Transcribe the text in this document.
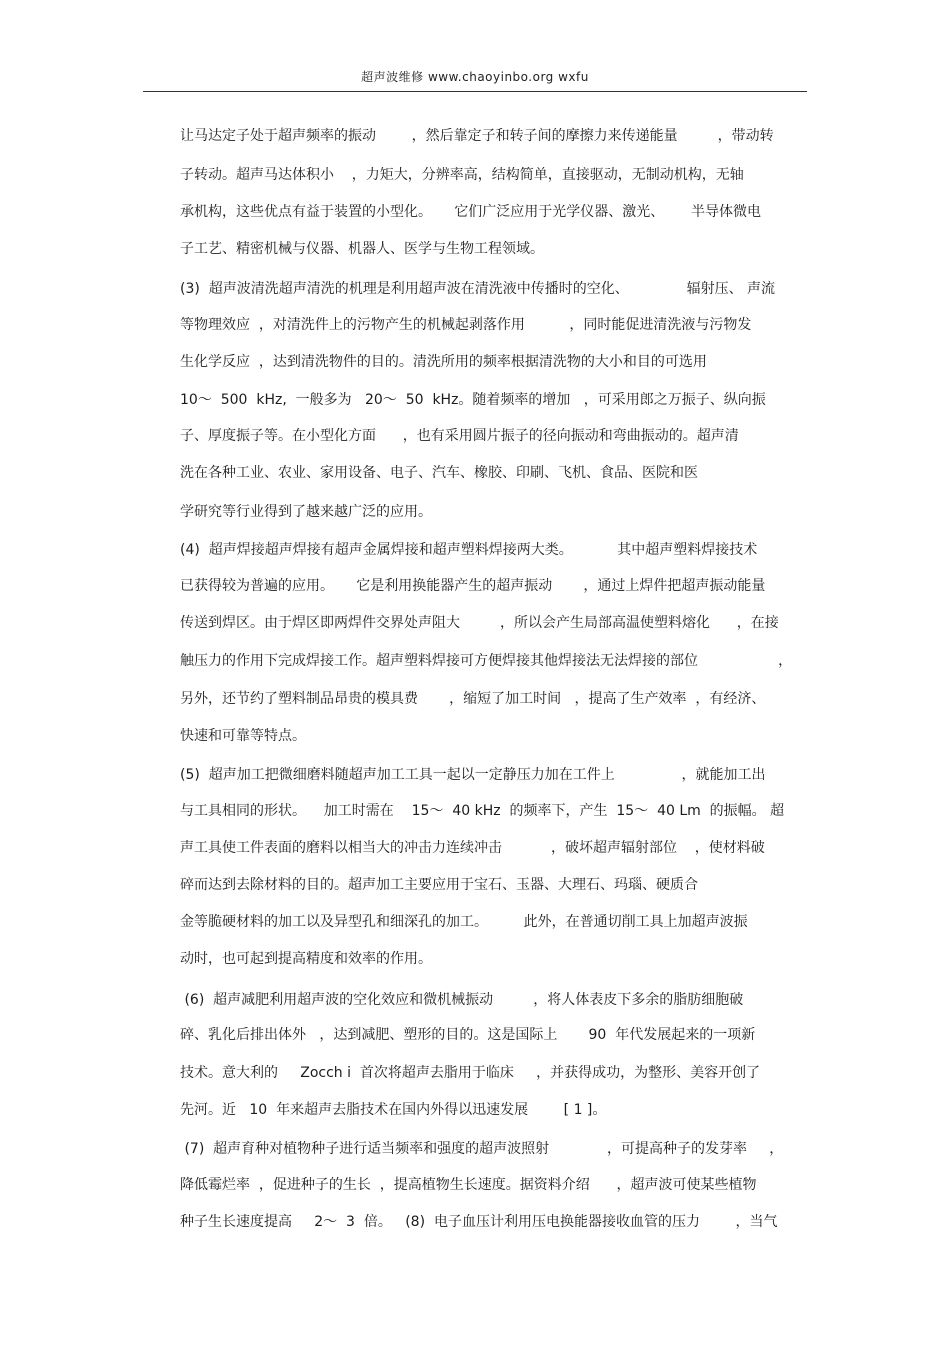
超声波维修 www.chaoyinbo.org wxfu
让马达定子处于超声频率的振动        ，然后靠定子和转子间的摩擦力来传递能量         ，带动转
子转动。超声马达体积小    ，力矩大，分辨率高，结构简单，直接驱动，无制动机构，无轴
承机构，这些优点有益于装置的小型化。     它们广泛应用于光学仪器、激光、      半导体微电
子工艺、精密机械与仪器、机器人、医学与生物工程领域。
(3)  超声波清洗超声清洗的机理是利用超声波在清洗液中传播时的空化、             辐射压、 声流
等物理效应  ，对清洗件上的污物产生的机械起剥落作用          ，同时能促进清洗液与污物发
生化学反应  ，达到清洗物件的目的。清洗所用的频率根据清洗物的大小和目的可选用
10～  500  kHz,  一般多为   20～  50  kHz。随着频率的增加   ，可采用郎之万振子、纵向振
子、厚度振子等。在小型化方面      ，也有采用圆片振子的径向振动和弯曲振动的。超声清
洗在各种工业、农业、家用设备、电子、汽车、橡胶、印刷、飞机、食品、医院和医
学研究等行业得到了越来越广泛的应用。
(4)  超声焊接超声焊接有超声金属焊接和超声塑料焊接两大类。          其中超声塑料焊接技术
已获得较为普遍的应用。     它是利用换能器产生的超声振动       ，通过上焊件把超声振动能量
传送到焊区。由于焊区即两焊件交界处声阻大         ，所以会产生局部高温使塑料熔化      ，在接
触压力的作用下完成焊接工作。超声塑料焊接可方便焊接其他焊接法无法焊接的部位                  ，
另外，还节约了塑料制品昂贵的模具费       ，缩短了加工时间   ，提高了生产效率  ，有经济、
快速和可靠等特点。
(5)  超声加工把微细磨料随超声加工工具一起以一定静压力加在工件上               ，就能加工出
与工具相同的形状。    加工时需在    15～  40 kHz  的频率下，产生  15～  40 Lm  的振幅。 超
声工具使工件表面的磨料以相当大的冲击力连续冲击           ，破坏超声辐射部位    ，使材料破
碎而达到去除材料的目的。超声加工主要应用于宝石、玉器、大理石、玛瑙、硬质合
金等脆硬材料的加工以及异型孔和细深孔的加工。        此外，在普通切削工具上加超声波振
动时，也可起到提高精度和效率的作用。
(6)  超声减肥利用超声波的空化效应和微机械振动         ，将人体表皮下多余的脂肪细胞破
碎、乳化后排出体外   ，达到减肥、塑形的目的。这是国际上       90  年代发展起来的一项新
技术。意大利的     Zocch i  首次将超声去脂用于临床     ，并获得成功，为整形、美容开创了
先河。近   10  年来超声去脂技术在国内外得以迅速发展        [ 1 ]。
(7)  超声育种对植物种子进行适当频率和强度的超声波照射             ，可提高种子的发芽率     ，
降低霉烂率  ，促进种子的生长  ，提高植物生长速度。据资料介绍      ，超声波可使某些植物
种子生长速度提高     2～  3  倍。   (8)  电子血压计利用压电换能器接收血管的压力        ，当气
